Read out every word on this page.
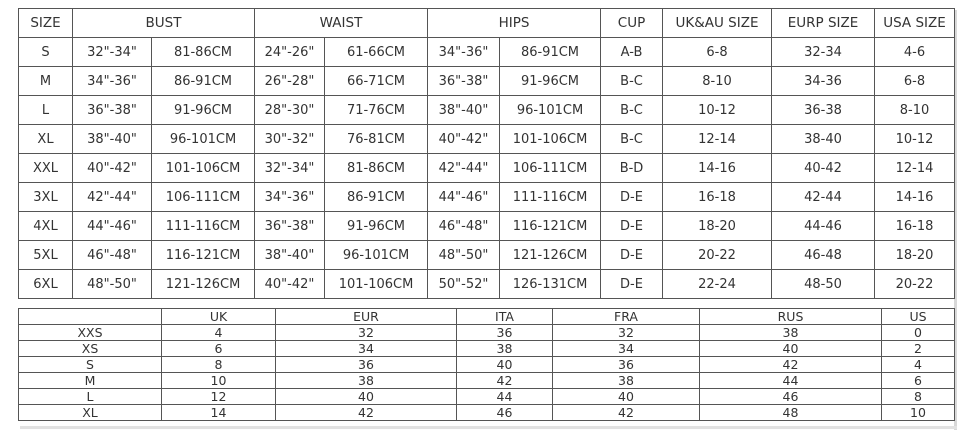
SIZE	BUST		WAIST		HIPS		CUP	UK&AU SIZE	EURP SIZE	USA SIZE
S	32"-34"	81-86CM	24"-26"	61-66CM	34"-36"	86-91CM	A-B	6-8	32-34	4-6
M	34"-36"	86-91CM	26"-28"	66-71CM	36"-38"	91-96CM	B-C	8-10	34-36	6-8
L	36"-38"	91-96CM	28"-30"	71-76CM	38"-40"	96-101CM	B-C	10-12	36-38	8-10
XL	38"-40"	96-101CM	30"-32"	76-81CM	40"-42"	101-106CM	B-C	12-14	38-40	10-12
XXL	40"-42"	101-106CM	32"-34"	81-86CM	42"-44"	106-111CM	B-D	14-16	40-42	12-14
3XL	42"-44"	106-111CM	34"-36"	86-91CM	44"-46"	111-116CM	D-E	16-18	42-44	14-16
4XL	44"-46"	111-116CM	36"-38"	91-96CM	46"-48"	116-121CM	D-E	18-20	44-46	16-18
5XL	46"-48"	116-121CM	38"-40"	96-101CM	48"-50"	121-126CM	D-E	20-22	46-48	18-20
6XL	48"-50"	121-126CM	40"-42"	101-106CM	50"-52"	126-131CM	D-E	22-24	48-50	20-22
	UK	EUR	ITA	FRA	RUS	US
XXS	4	32	36	32	38	0
XS	6	34	38	34	40	2
S	8	36	40	36	42	4
M	10	38	42	38	44	6
L	12	40	44	40	46	8
XL	14	42	46	42	48	10
